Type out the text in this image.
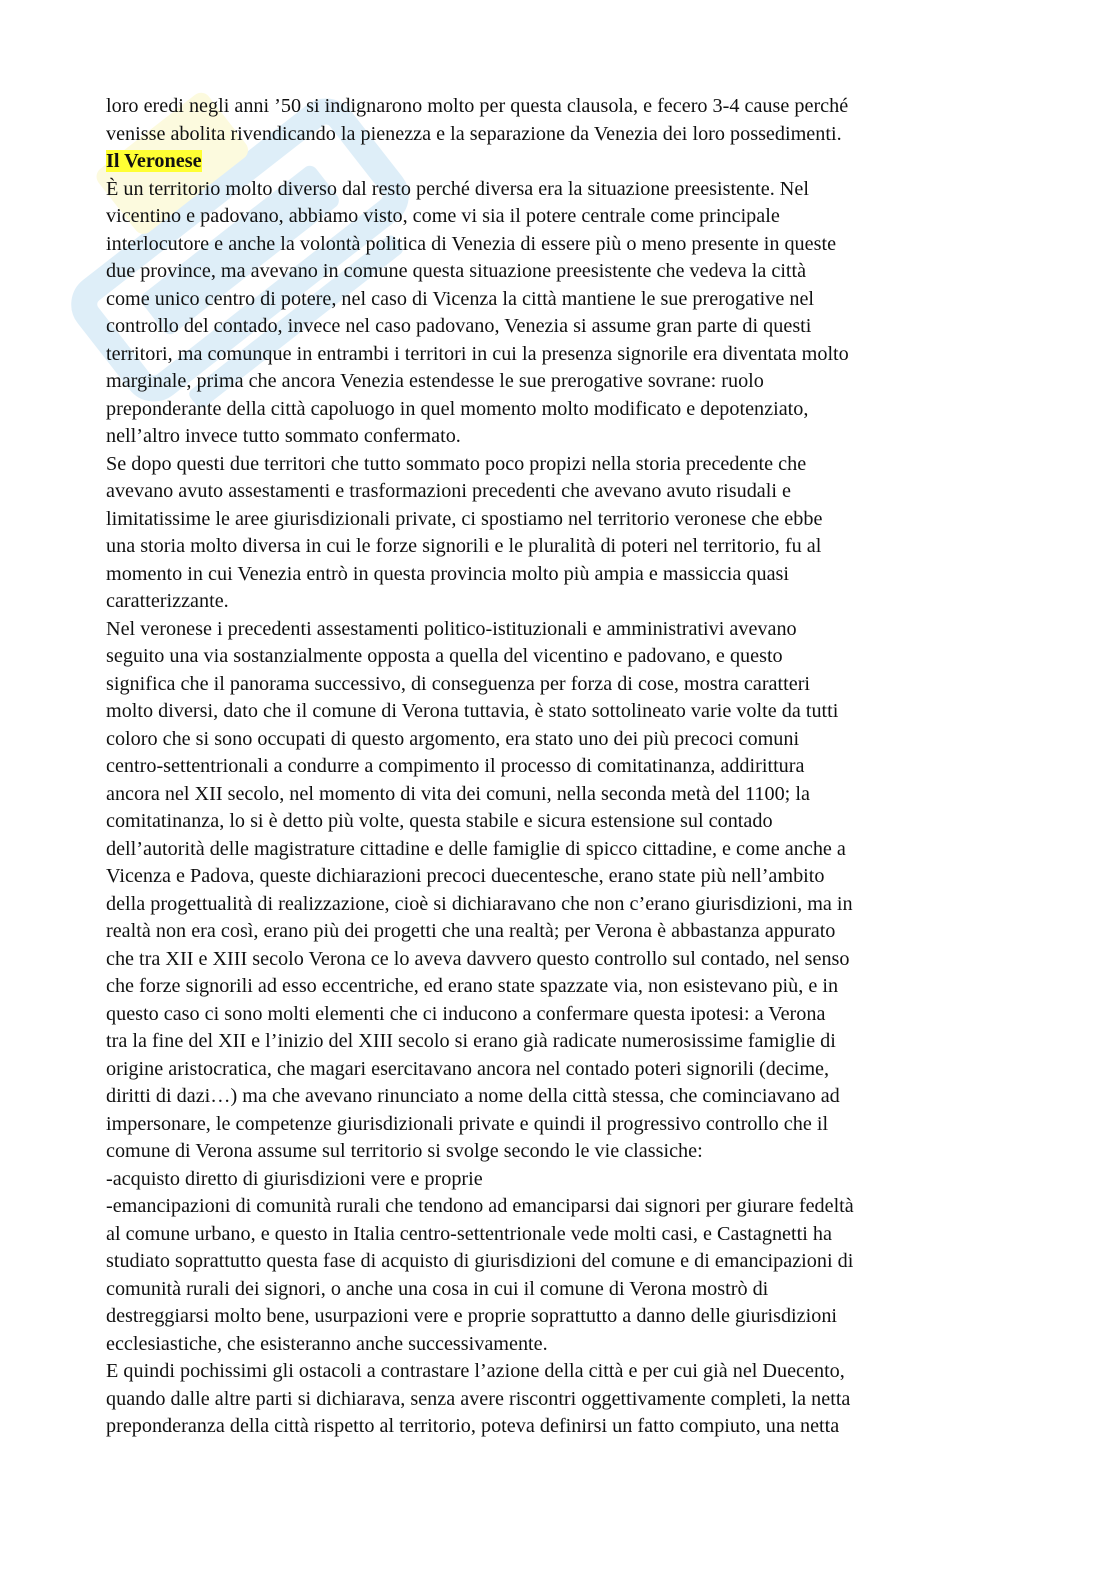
loro eredi negli anni ’50 si indignarono molto per questa clausola, e fecero 3-4 cause perché
venisse abolita rivendicando la pienezza e la separazione da Venezia dei loro possedimenti.

Il Veronese

È un territorio molto diverso dal resto perché diversa era la situazione preesistente. Nel
vicentino e padovano, abbiamo visto, come vi sia il potere centrale come principale
interlocutore e anche la volontà politica di Venezia di essere più o meno presente in queste
due province, ma avevano in comune questa situazione preesistente che vedeva la città
come unico centro di potere, nel caso di Vicenza la città mantiene le sue prerogative nel
controllo del contado, invece nel caso padovano, Venezia si assume gran parte di questi
territori, ma comunque in entrambi i territori in cui la presenza signorile era diventata molto
marginale, prima che ancora Venezia estendesse le sue prerogative sovrane: ruolo
preponderante della città capoluogo in quel momento molto modificato e depotenziato,
nell’altro invece tutto sommato confermato.

Se dopo questi due territori che tutto sommato poco propizi nella storia precedente che
avevano avuto assestamenti e trasformazioni precedenti che avevano avuto risudali e
limitatissime le aree giurisdizionali private, ci spostiamo nel territorio veronese che ebbe
una storia molto diversa in cui le forze signorili e le pluralità di poteri nel territorio, fu al
momento in cui Venezia entrò in questa provincia molto più ampia e massiccia quasi
caratterizzante.

Nel veronese i precedenti assestamenti politico-istituzionali e amministrativi avevano
seguito una via sostanzialmente opposta a quella del vicentino e padovano, e questo
significa che il panorama successivo, di conseguenza per forza di cose, mostra caratteri
molto diversi, dato che il comune di Verona tuttavia, è stato sottolineato varie volte da tutti
coloro che si sono occupati di questo argomento, era stato uno dei più precoci comuni
centro-settentrionali a condurre a compimento il processo di comitatinanza, addirittura
ancora nel XII secolo, nel momento di vita dei comuni, nella seconda metà del 1100; la
comitatinanza, lo si è detto più volte, questa stabile e sicura estensione sul contado
dell’autorità delle magistrature cittadine e delle famiglie di spicco cittadine, e come anche a
Vicenza e Padova, queste dichiarazioni precoci duecentesche, erano state più nell’ambito
della progettualità di realizzazione, cioè si dichiaravano che non c’erano giurisdizioni, ma in
realtà non era così, erano più dei progetti che una realtà; per Verona è abbastanza appurato
che tra XII e XIII secolo Verona ce lo aveva davvero questo controllo sul contado, nel senso
che forze signorili ad esso eccentriche, ed erano state spazzate via, non esistevano più, e in
questo caso ci sono molti elementi che ci inducono a confermare questa ipotesi: a Verona
tra la fine del XII e l’inizio del XIII secolo si erano già radicate numerosissime famiglie di
origine aristocratica, che magari esercitavano ancora nel contado poteri signorili (decime,
diritti di dazi…) ma che avevano rinunciato a nome della città stessa, che cominciavano ad
impersonare, le competenze giurisdizionali private e quindi il progressivo controllo che il
comune di Verona assume sul territorio si svolge secondo le vie classiche:

-acquisto diretto di giurisdizioni vere e proprie

-emancipazioni di comunità rurali che tendono ad emanciparsi dai signori per giurare fedeltà
al comune urbano, e questo in Italia centro-settentrionale vede molti casi, e Castagnetti ha
studiato soprattutto questa fase di acquisto di giurisdizioni del comune e di emancipazioni di
comunità rurali dei signori, o anche una cosa in cui il comune di Verona mostrò di
destreggiarsi molto bene, usurpazioni vere e proprie soprattutto a danno delle giurisdizioni
ecclesiastiche, che esisteranno anche successivamente.

E quindi pochissimi gli ostacoli a contrastare l’azione della città e per cui già nel Duecento,
quando dalle altre parti si dichiarava, senza avere riscontri oggettivamente completi, la netta
preponderanza della città rispetto al territorio, poteva definirsi un fatto compiuto, una netta
